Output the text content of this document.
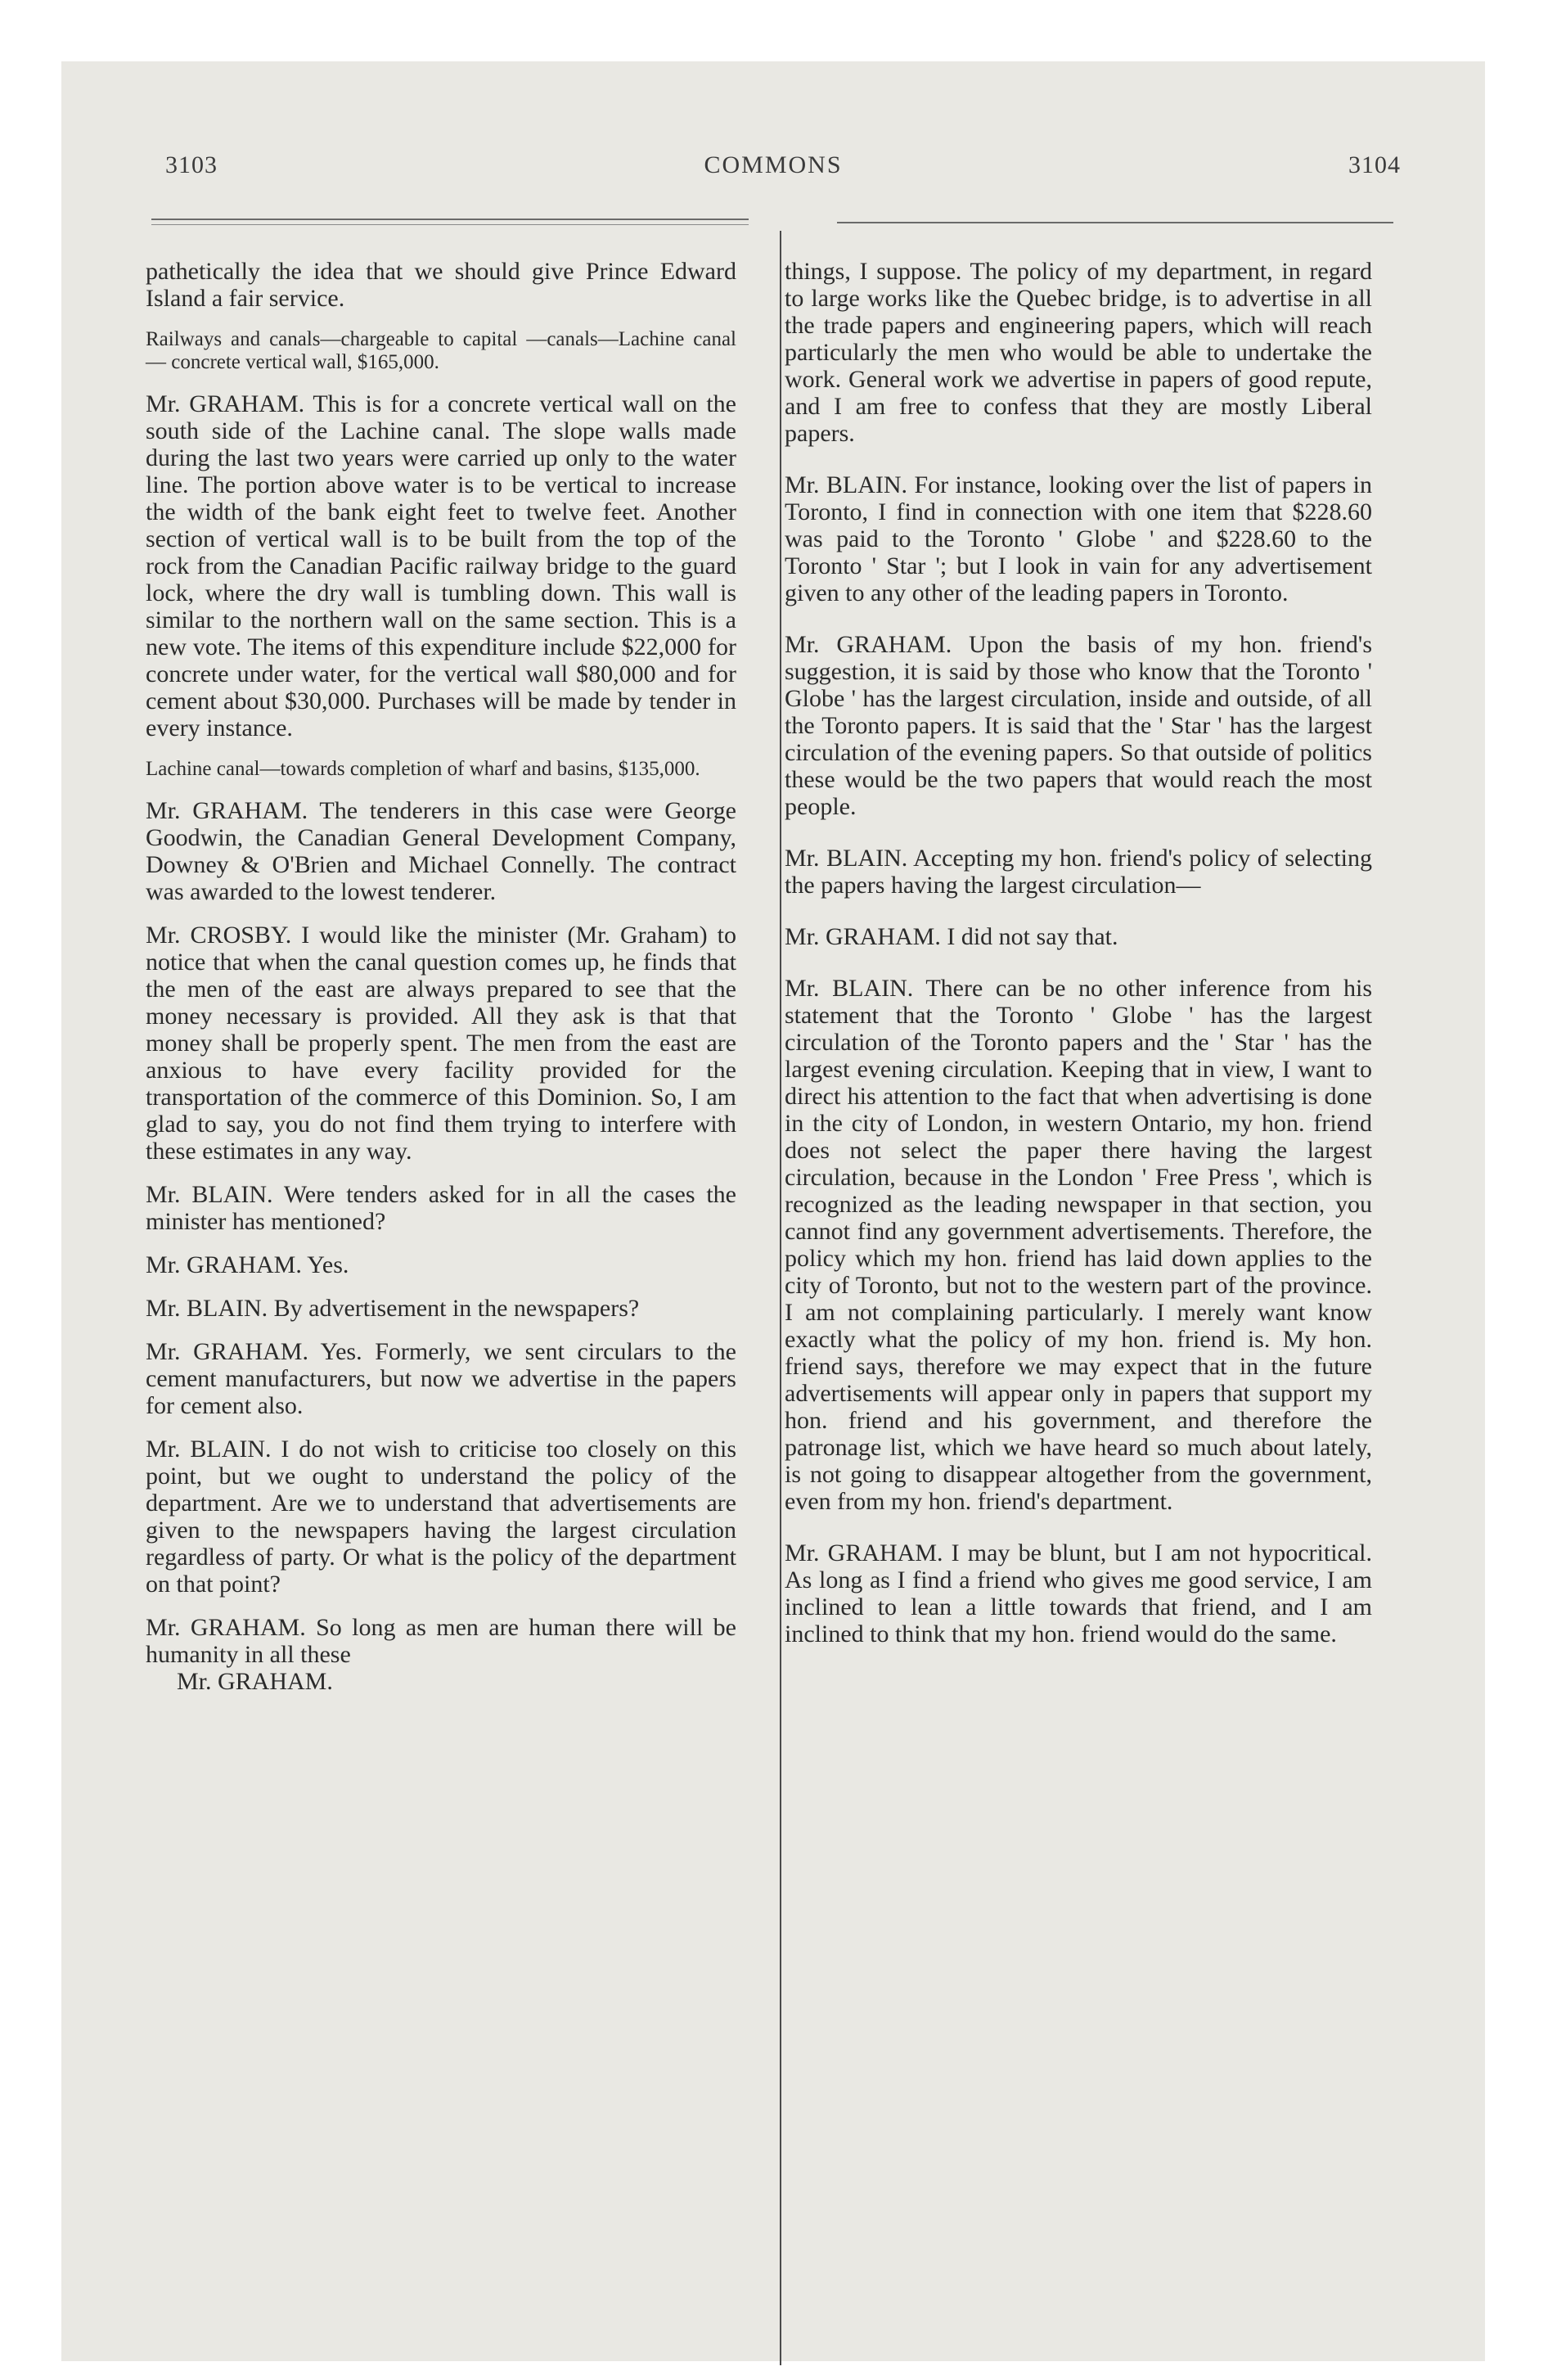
3103	COMMONS	3104

pathetically the idea that we should give Prince Edward Island a fair service.

Railways and canals—chargeable to capital —canals—Lachine canal — concrete vertical wall, $165,000.

Mr. GRAHAM. This is for a concrete vertical wall on the south side of the Lachine canal. The slope walls made during the last two years were carried up only to the water line. The portion above water is to be vertical to increase the width of the bank eight feet to twelve feet. Another section of vertical wall is to be built from the top of the rock from the Canadian Pacific railway bridge to the guard lock, where the dry wall is tumbling down. This wall is similar to the northern wall on the same section. This is a new vote. The items of this expenditure include $22,000 for concrete under water, for the vertical wall $80,000 and for cement about $30,000. Purchases will be made by tender in every instance.

Lachine canal—towards completion of wharf and basins, $135,000.

Mr. GRAHAM. The tenderers in this case were George Goodwin, the Canadian General Development Company, Downey & O'Brien and Michael Connelly. The contract was awarded to the lowest tenderer.

Mr. CROSBY. I would like the minister (Mr. Graham) to notice that when the canal question comes up, he finds that the men of the east are always prepared to see that the money necessary is provided. All they ask is that that money shall be properly spent. The men from the east are anxious to have every facility provided for the transportation of the commerce of this Dominion. So, I am glad to say, you do not find them trying to interfere with these estimates in any way.

Mr. BLAIN. Were tenders asked for in all the cases the minister has mentioned?

Mr. GRAHAM. Yes.

Mr. BLAIN. By advertisement in the newspapers?

Mr. GRAHAM. Yes. Formerly, we sent circulars to the cement manufacturers, but now we advertise in the papers for cement also.

Mr. BLAIN. I do not wish to criticise too closely on this point, but we ought to understand the policy of the department. Are we to understand that advertisements are given to the newspapers having the largest circulation regardless of party. Or what is the policy of the department on that point?

Mr. GRAHAM. So long as men are human there will be humanity in all these

Mr. GRAHAM.

things, I suppose. The policy of my department, in regard to large works like the Quebec bridge, is to advertise in all the trade papers and engineering papers, which will reach particularly the men who would be able to undertake the work. General work we advertise in papers of good repute, and I am free to confess that they are mostly Liberal papers.

Mr. BLAIN. For instance, looking over the list of papers in Toronto, I find in connection with one item that $228.60 was paid to the Toronto ' Globe ' and $228.60 to the Toronto ' Star '; but I look in vain for any advertisement given to any other of the leading papers in Toronto.

Mr. GRAHAM. Upon the basis of my hon. friend's suggestion, it is said by those who know that the Toronto ' Globe ' has the largest circulation, inside and outside, of all the Toronto papers. It is said that the ' Star ' has the largest circulation of the evening papers. So that outside of politics these would be the two papers that would reach the most people.

Mr. BLAIN. Accepting my hon. friend's policy of selecting the papers having the largest circulation—

Mr. GRAHAM. I did not say that.

Mr. BLAIN. There can be no other inference from his statement that the Toronto ' Globe ' has the largest circulation of the Toronto papers and the ' Star ' has the largest evening circulation. Keeping that in view, I want to direct his attention to the fact that when advertising is done in the city of London, in western Ontario, my hon. friend does not select the paper there having the largest circulation, because in the London ' Free Press ', which is recognized as the leading newspaper in that section, you cannot find any government advertisements. Therefore, the policy which my hon. friend has laid down applies to the city of Toronto, but not to the western part of the province. I am not complaining particularly. I merely want know exactly what the policy of my hon. friend is. My hon. friend says, therefore we may expect that in the future advertisements will appear only in papers that support my hon. friend and his government, and therefore the patronage list, which we have heard so much about lately, is not going to disappear altogether from the government, even from my hon. friend's department.

Mr. GRAHAM. I may be blunt, but I am not hypocritical. As long as I find a friend who gives me good service, I am inclined to lean a little towards that friend, and I am inclined to think that my hon. friend would do the same.
